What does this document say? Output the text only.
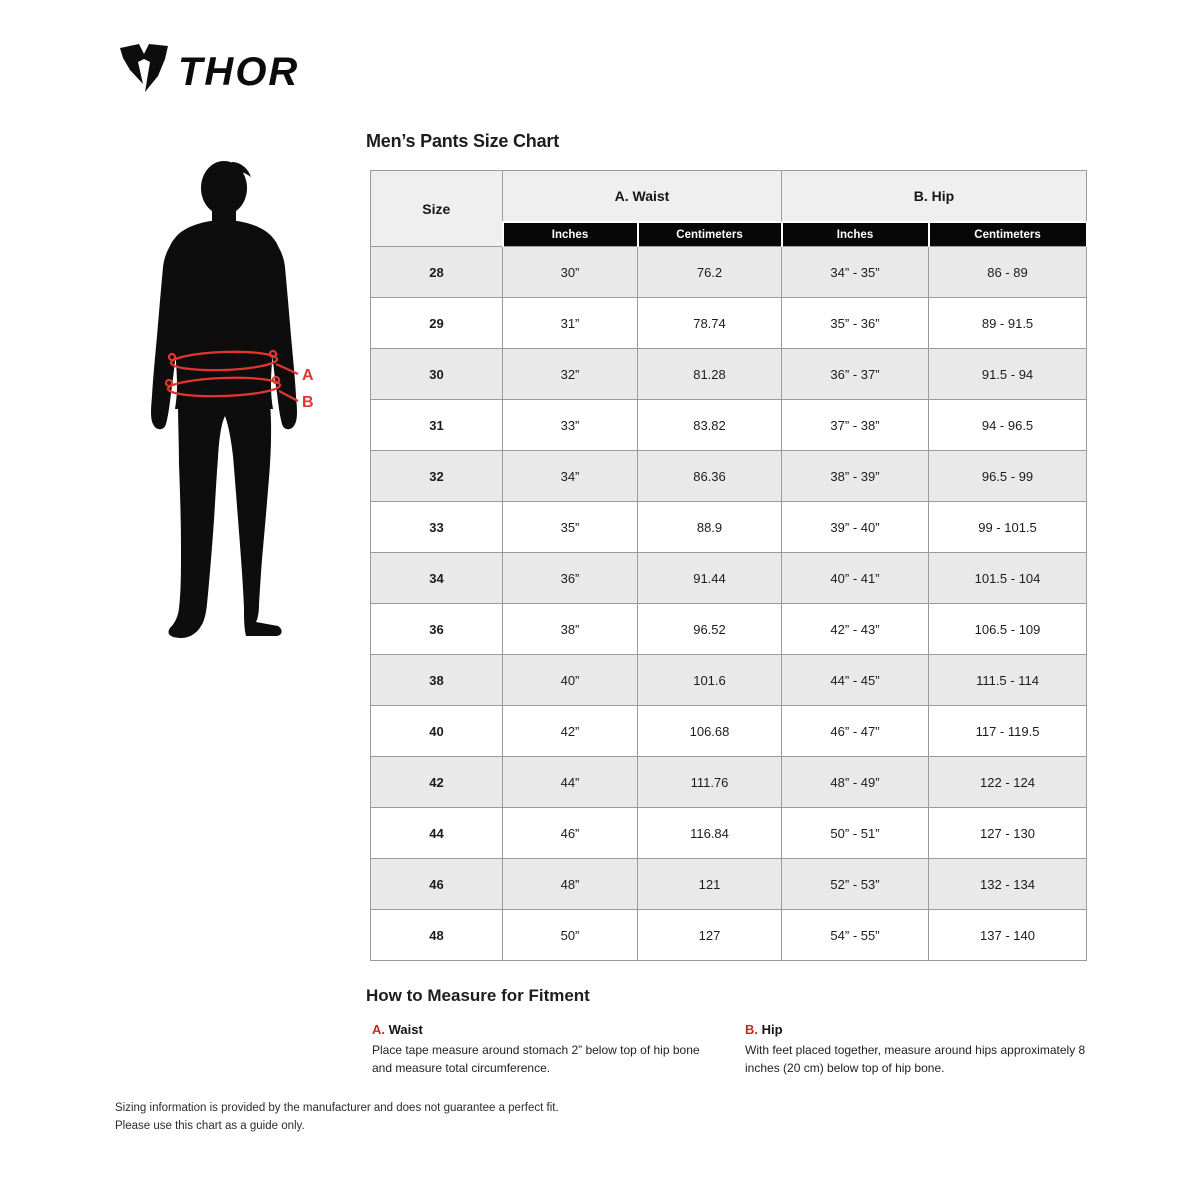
THOR
A
B
Men’s Pants Size Chart
Size	A. Waist		B. Hip	
	Inches	Centimeters	Inches	Centimeters
28	30”	76.2	34” - 35”	86 - 89
29	31”	78.74	35” - 36”	89 - 91.5
30	32”	81.28	36” - 37”	91.5 - 94
31	33”	83.82	37” - 38”	94 - 96.5
32	34”	86.36	38” - 39”	96.5 - 99
33	35”	88.9	39” - 40”	99 - 101.5
34	36”	91.44	40” - 41”	101.5 - 104
36	38”	96.52	42” - 43”	106.5 - 109
38	40”	101.6	44” - 45”	111.5 - 114
40	42”	106.68	46” - 47”	117 - 119.5
42	44”	111.76	48” - 49”	122 - 124
44	46”	116.84	50” - 51”	127 - 130
46	48”	121	52” - 53”	132 - 134
48	50”	127	54” - 55”	137 - 140
How to Measure for Fitment
A. Waist
Place tape measure around stomach 2” below top of hip bone and measure total circumference.
B. Hip
With feet placed together, measure around hips approximately 8 inches (20 cm) below top of hip bone.
Sizing information is provided by the manufacturer and does not guarantee a perfect fit.
Please use this chart as a guide only.
